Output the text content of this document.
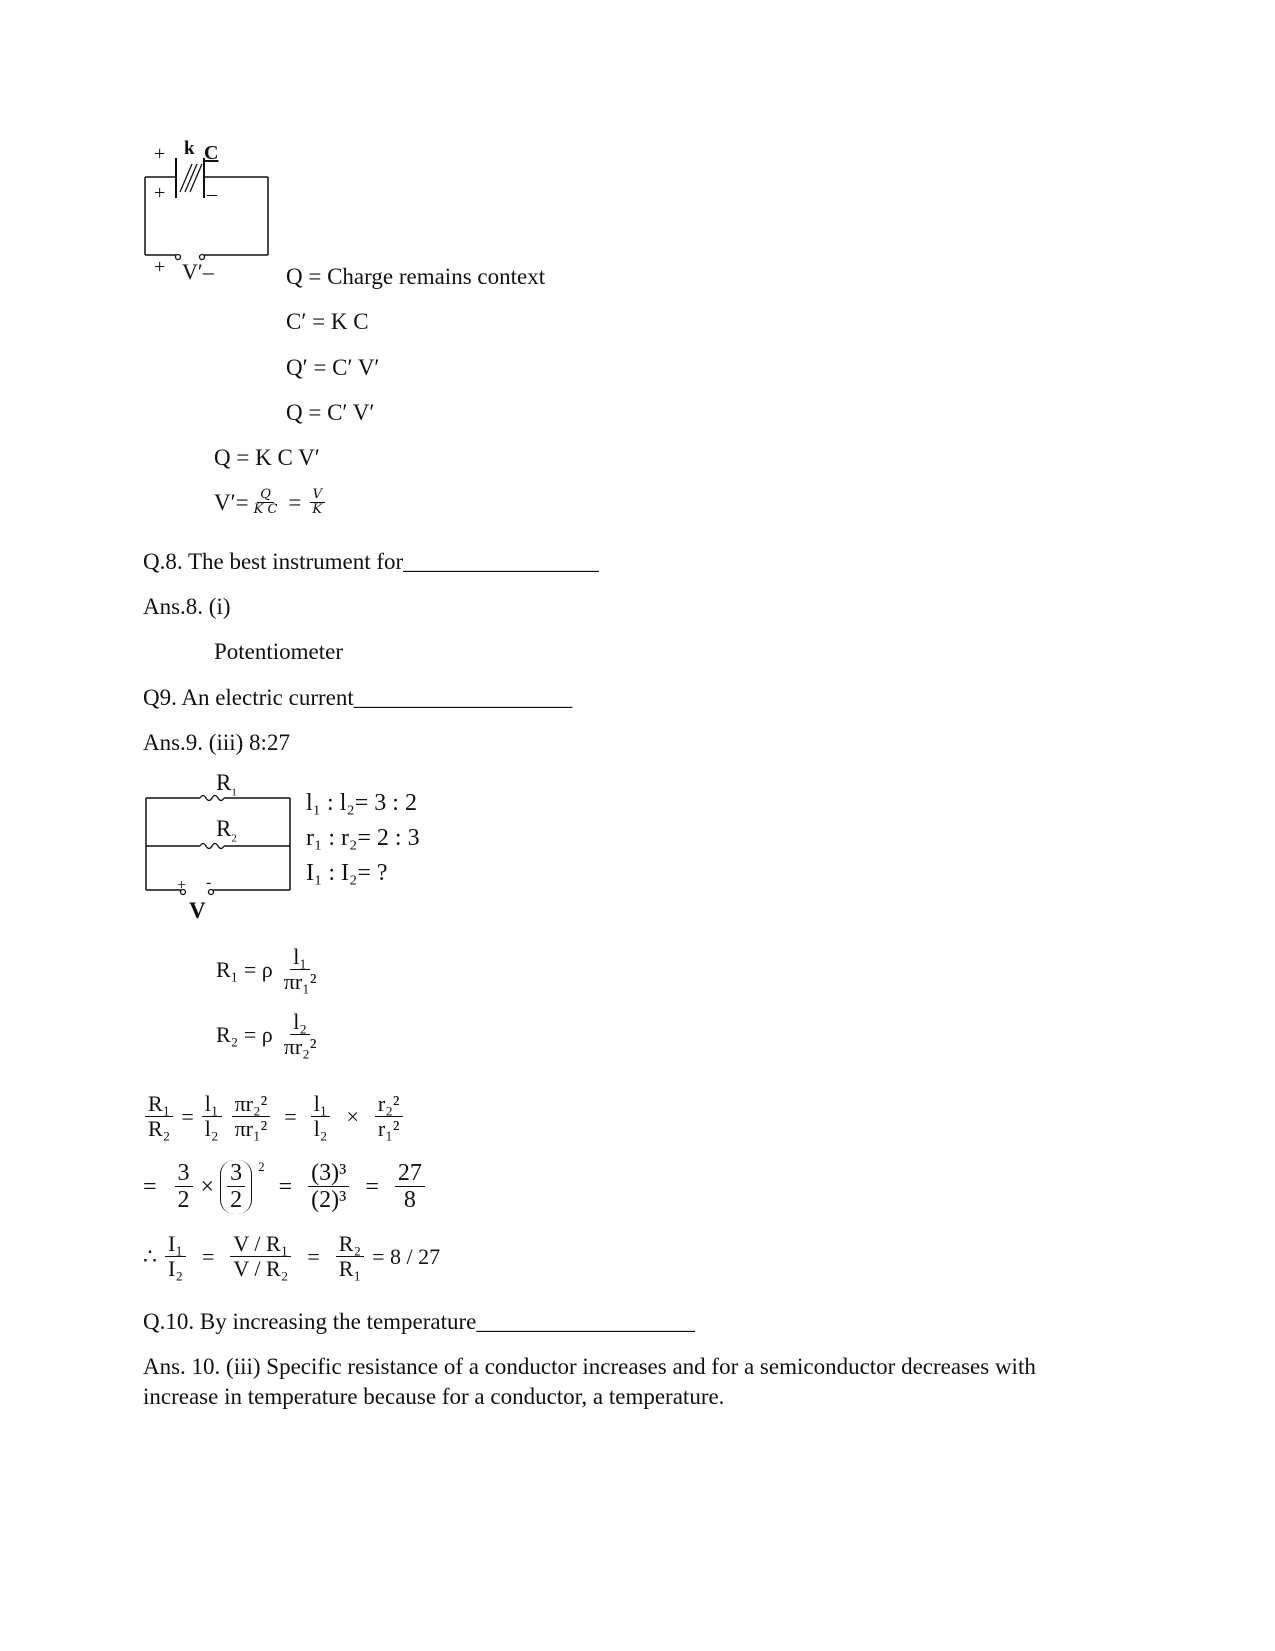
k C
+
+ –
+ V′–	Q = Charge remains context
C′ = K C
Q′ = C′ V′
Q = C′ V′
Q = K C V′
$V'= \frac{Q}{\text{K C}} = \frac{V}{K}$
Q.8. The best instrument for_________________
Ans.8. (i)
Potentiometer
Q9. An electric current___________________
Ans.9. (iii) 8:27
$R_1$
$R_2$
+ -
V
l₁ : l₂= 3 : 2
r₁ : r₂= 2 : 3
I₁ : I₂= ?
R₁ = ρ $\frac{\text{l₁}}{\text{πr₁²}}$
R₂ = ρ $\frac{\text{l₂}}{\text{πr₂²}}$
$\frac{\text{R₁}}{\text{R₂}} = \frac{\text{l₁}}{\text{l₂}} \frac{\text{πr₂²}}{\text{πr₁²}} = \frac{\text{l₁}}{\text{l₂}} \times \frac{\text{r₂²}}{\text{r₁²}}$
= $\frac{3}{2} \times \frac{3}{2} ^2$
= $\frac{\text{(3)³}}{\text{(2)³}} = \frac{27}{8}$
∴ $\frac{\text{I₁}}{\text{I₂}} = \frac{\text{V / R₁}}{\text{V / R₂}} = \frac{\text{R₂}}{\text{R₁}} = 8 / 27$
Q.10. By increasing the temperature___________________
Ans. 10. (iii) Specific resistance of a conductor increases and for a semiconductor decreases with
increase in temperature because for a conductor, a temperature.
